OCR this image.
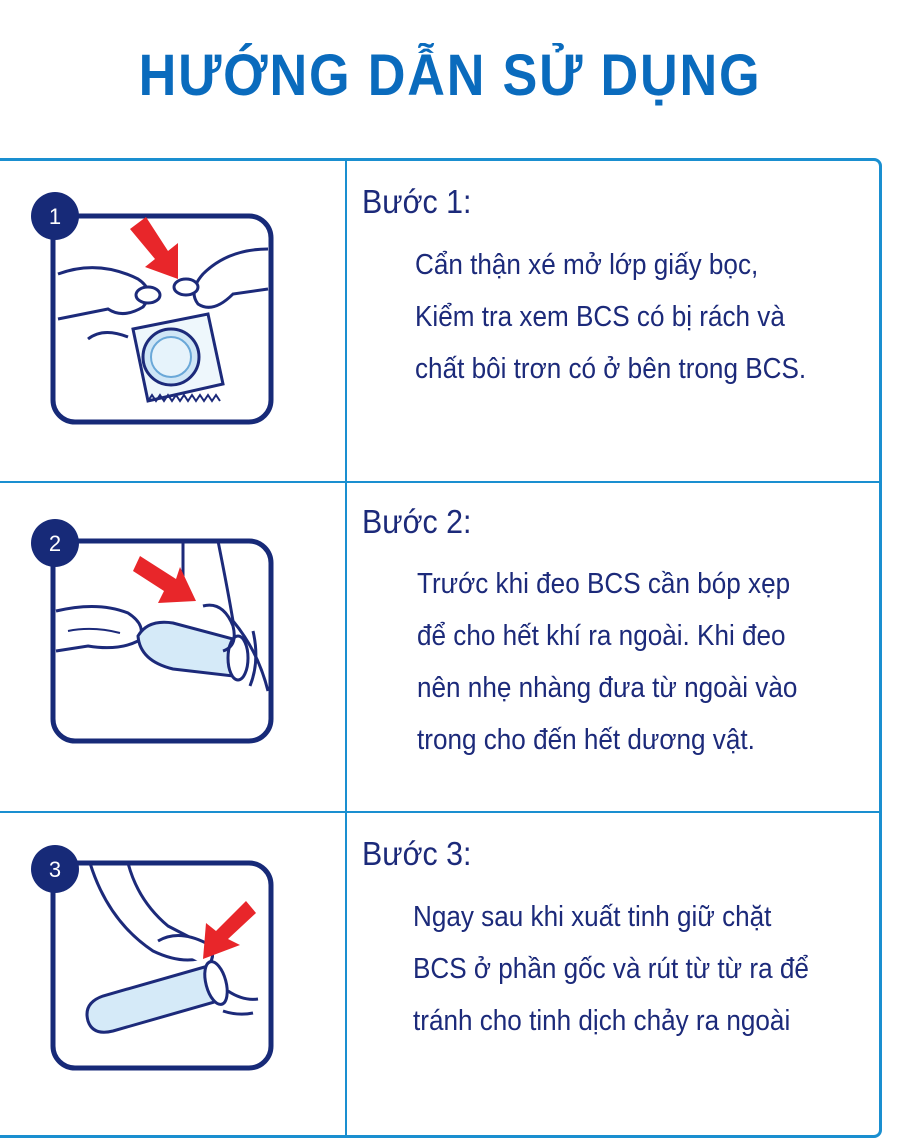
HƯỚNG DẪN SỬ DỤNG
1	Bước 1:
Cẩn thận xé mở lớp giấy bọc,
Kiểm tra xem BCS có bị rách và
chất bôi trơn có ở bên trong BCS.
2
Bước 2:
Trước khi đeo BCS cần bóp xẹp
để cho hết khí ra ngoài. Khi đeo
nên nhẹ nhàng đưa từ ngoài vào
trong cho đến hết dương vật.
3	Bước 3:
Ngay sau khi xuất tinh giữ chặt
BCS ở phần gốc và rút từ từ ra để
tránh cho tinh dịch chảy ra ngoài
